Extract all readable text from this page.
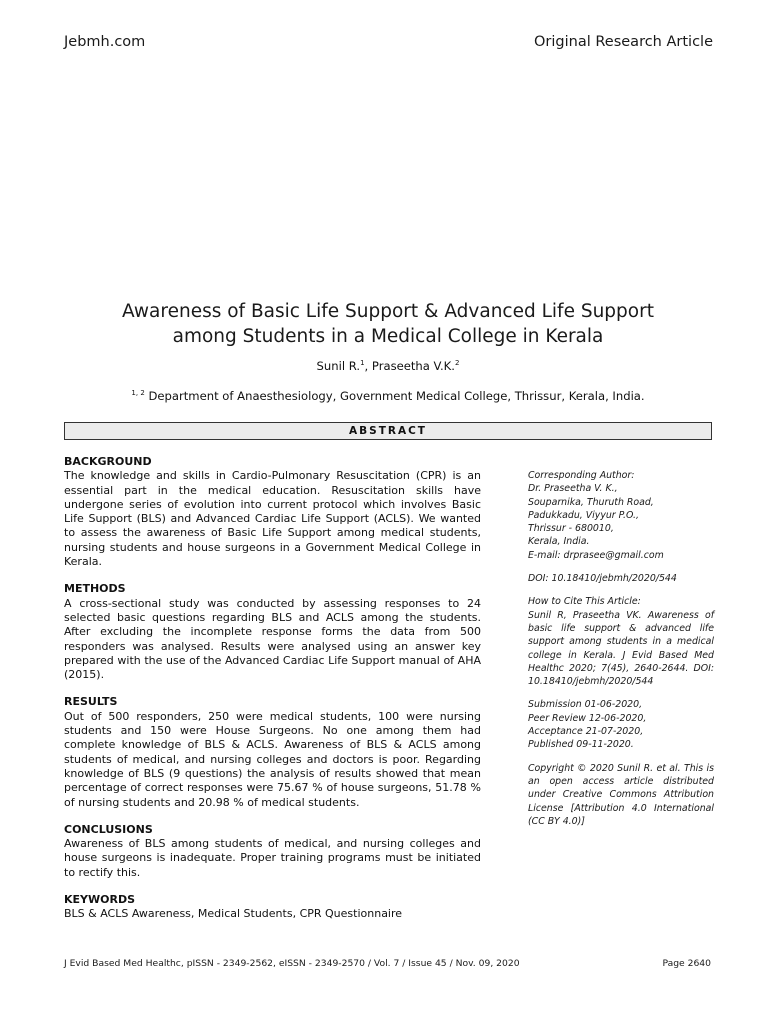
Jebmh.com	Original Research Article
Awareness of Basic Life Support & Advanced Life Support
among Students in a Medical College in Kerala
Sunil R.$^1$, Praseetha V.K.$^2$
$^{1, 2}$ Department of Anaesthesiology, Government Medical College, Thrissur, Kerala, India.
ABSTRACT
BACKGROUND
The knowledge and skills in Cardio-Pulmonary Resuscitation (CPR) is an essential part in the medical education. Resuscitation skills have undergone series of evolution into current protocol which involves Basic Life Support (BLS) and Advanced Cardiac Life Support (ACLS). We wanted to assess the awareness of Basic Life Support among medical students, nursing students and house surgeons in a Government Medical College in Kerala.
METHODS
A cross-sectional study was conducted by assessing responses to 24 selected basic questions regarding BLS and ACLS among the students. After excluding the incomplete response forms the data from 500 responders was analysed. Results were analysed using an answer key prepared with the use of the Advanced Cardiac Life Support manual of AHA (2015).
RESULTS
Out of 500 responders, 250 were medical students, 100 were nursing students and 150 were House Surgeons. No one among them had complete knowledge of BLS & ACLS. Awareness of BLS & ACLS among students of medical, and nursing colleges and doctors is poor. Regarding knowledge of BLS (9 questions) the analysis of results showed that mean percentage of correct responses were 75.67 % of house surgeons, 51.78 % of nursing students and 20.98 % of medical students.
CONCLUSIONS
Awareness of BLS among students of medical, and nursing colleges and house surgeons is inadequate. Proper training programs must be initiated to rectify this.
KEYWORDS
BLS & ACLS Awareness, Medical Students, CPR Questionnaire
Corresponding Author:
Dr. Praseetha V. K.,
Souparnika, Thuruth Road,
Padukkadu, Viyyur P.O.,
Thrissur - 680010,
Kerala, India.
E-mail: drprasee@gmail.com
DOI: 10.18410/jebmh/2020/544
How to Cite This Article:
Sunil R, Praseetha VK. Awareness of basic life support & advanced life support among students in a medical college in Kerala. J Evid Based Med Healthc 2020; 7(45), 2640-2644. DOI: 10.18410/jebmh/2020/544
Submission 01-06-2020,
Peer Review 12-06-2020,
Acceptance 21-07-2020,
Published 09-11-2020.
Copyright © 2020 Sunil R. et al. This is an open access article distributed under Creative Commons Attribution License [Attribution 4.0 International (CC BY 4.0)]
J Evid Based Med Healthc, pISSN - 2349-2562, eISSN - 2349-2570 / Vol. 7 / Issue 45 / Nov. 09, 2020	Page 2640
